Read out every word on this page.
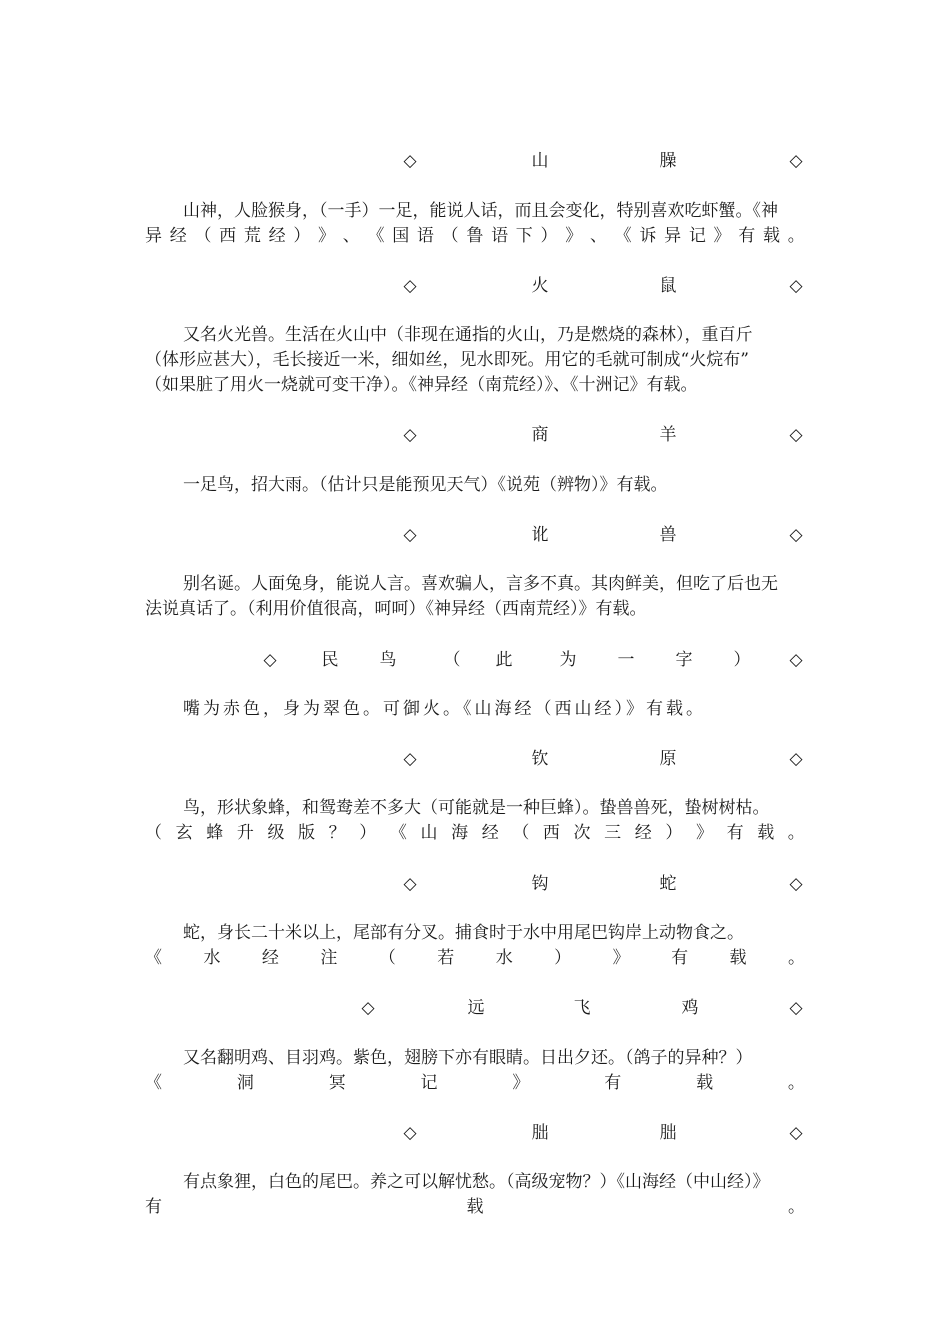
◇	山	臊	◇
山神，人脸猴身，（一手）一足，能说人话，而且会变化，特别喜欢吃虾蟹。《神
异 经 （ 西 荒 经 ） 》 、 《 国 语 （ 鲁 语 下 ） 》 、 《 诉 异 记 》 有 载 。
◇	火	鼠	◇
又名火光兽。生活在火山中（非现在通指的火山，乃是燃烧的森林），重百斤
（体形应甚大），毛长接近一米，细如丝，见水即死。用它的毛就可制成“火烷布”
（如果脏了用火一烧就可变干净）。《神异经（南荒经）》、《十洲记》有载。
◇	商	羊	◇
一足鸟，招大雨。（估计只是能预见天气）《说苑（辨物）》有载。
◇	讹	兽	◇
别名诞。人面兔身，能说人言。喜欢骗人，言多不真。其肉鲜美，但吃了后也无
法说真话了。（利用价值很高，呵呵）《神异经（西南荒经）》有载。
◇	民 鸟	（ 此	为 一 字 ） ◇
嘴为赤色，身为翠色。可御火。《山海经（西山经）》有载。
◇	钦	原	◇
鸟，形状象蜂，和鸳鸯差不多大（可能就是一种巨蜂）。蛰兽兽死，蛰树树枯。
（ 玄 蜂 升 级 版 ？ ） 《 山 海 经 （ 西 次 三 经 ） 》 有 载 。
◇	钩	蛇	◇
蛇，身长二十米以上，尾部有分叉。捕食时于水中用尾巴钩岸上动物食之。
《 水 经 注 （ 若 水 ） 》 有 载 。
◇	远	飞	鸡	◇
又名翻明鸡、目羽鸡。紫色，翅膀下亦有眼睛。日出夕还。（鸽子的异种？）
《	洞	冥	记	》	有	载	。
◇	朏	朏	◇
有点象狸，白色的尾巴。养之可以解忧愁。（高级宠物？）《山海经（中山经）》
有	载	。
